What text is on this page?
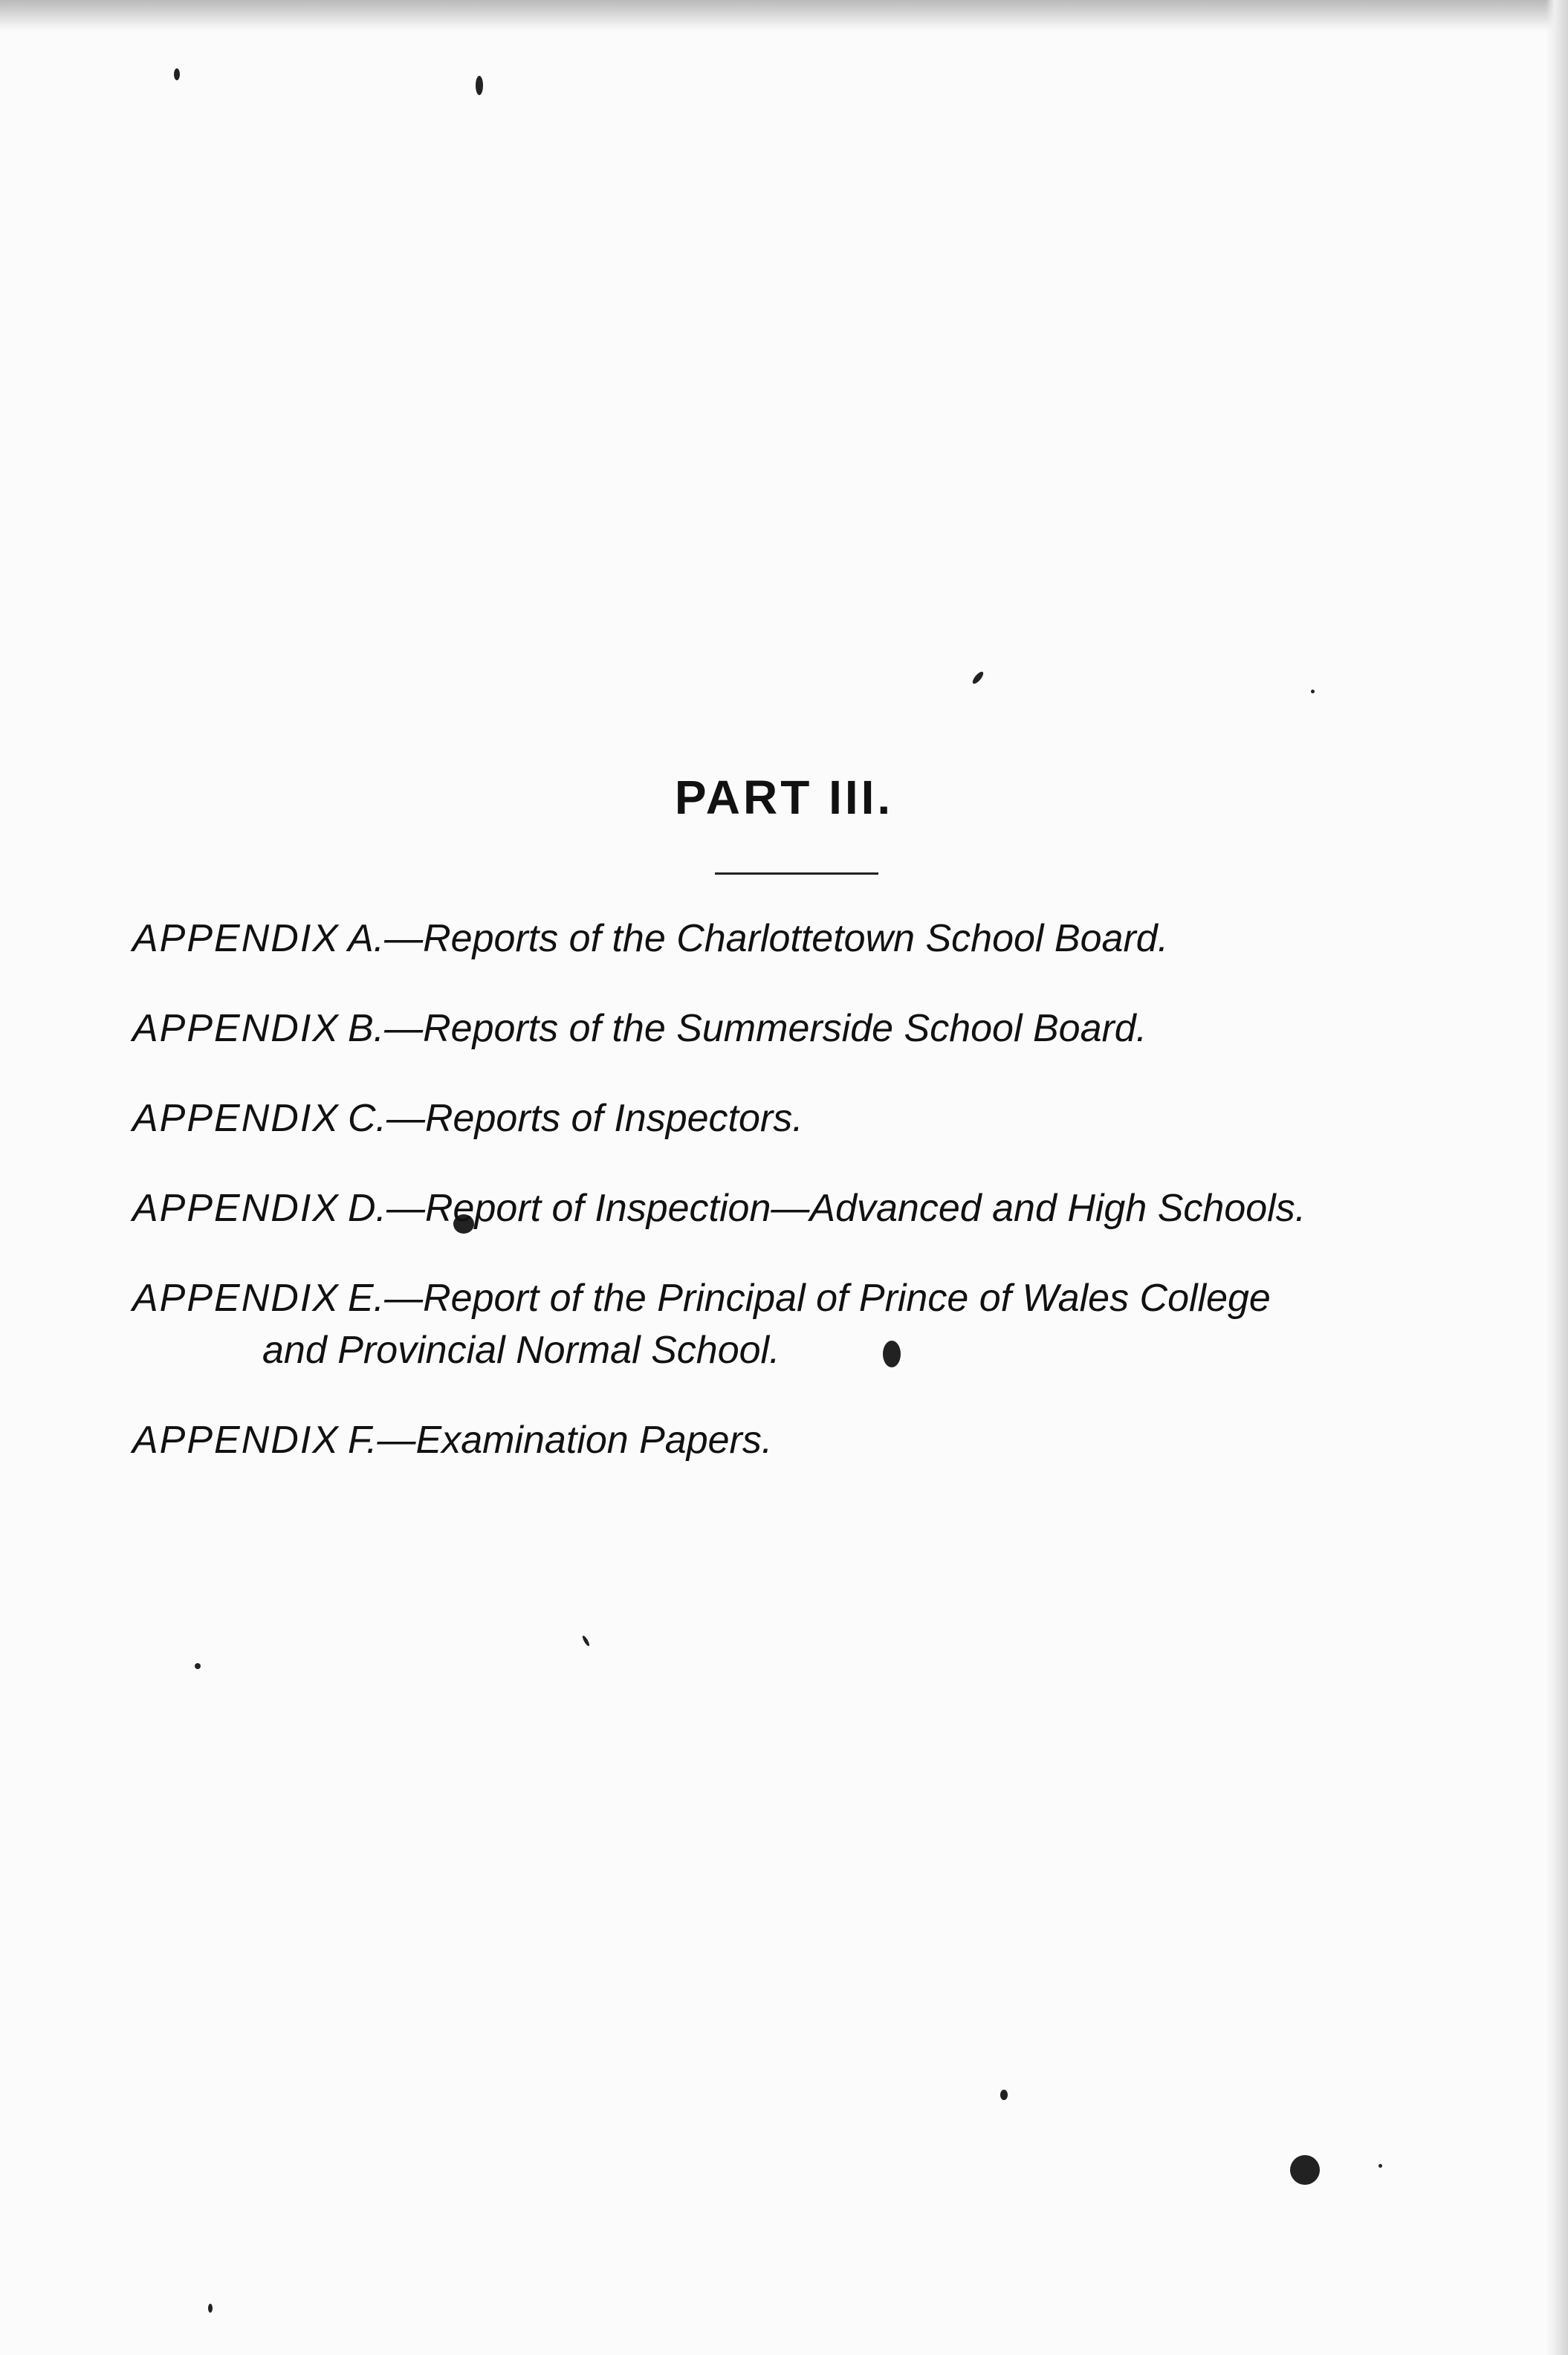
PART III.
APPENDIX A.—Reports of the Charlottetown School Board.
APPENDIX B.—Reports of the Summerside School Board.
APPENDIX C.—Reports of Inspectors.
APPENDIX D.—Report of Inspection—Advanced and High Schools.
APPENDIX E.—Report of the Principal of Prince of Wales College
and Provincial Normal School.
APPENDIX F.—Examination Papers.
